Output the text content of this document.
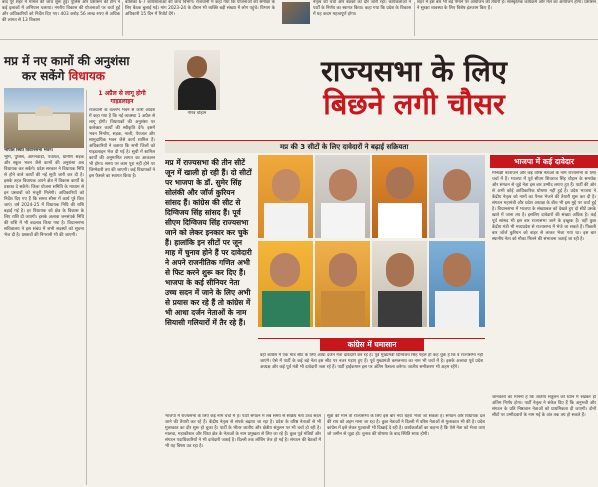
बाद पूरे शहर में मामले की जांच शुरू हुई। पुलिस और प्रशासन की टीम ने कई इलाकों में अभियान चलाया। नगरीय विकास की योजनाओं पर चर्चा हुई और अधिकारियों को निर्देश दिए गए। 403 करोड़ 56 लाख रुपए से अधिक की लागत से 13 विकास
बालिका 6-7 कार्यशालाओं की जांच विभाग। राजधानी में कहा गया कि योजनाओं की समीक्षा के लिए बैठक बुलाई गई। मांग 2023-24 के दौरान भी व्यक्ति बड़ी संख्या में लोग पहुंचे। विभाग के अधिकारी 15 दिन में रिपोर्ट देंगे।
नेतृत्व की चर्चा और बैठकों का दौर जारी रहा। कार्यकर्ताओं ने पार्टी के निर्णय का स्वागत किया। कहा गया कि प्रदेश के विकास में यह कदम महत्वपूर्ण होगा।
शहर में इस बार भी बड़े पैमाने पर आयोजन की तैयारी है। सांस्कृतिक कार्यक्रम और मेले का आयोजन होगा। प्रशासन ने सुरक्षा व्यवस्था के लिए विशेष इंतजाम किए हैं।
मप्र में नए कामों की अनुशंसा
कर सकेंगे विधायक
भोपाल स्थित विधानसभा भवन।
भूमि, पुलिस, आंगनवाड़ी, पंचायत, ग्रामीण सड़क और स्कूल भवन जैसे कामों की अनुशंसा अब विधायक कर सकेंगे। प्रदेश सरकार ने विधायक निधि से होने वाले कार्यों की नई सूची जारी कर दी है। इसके तहत विधायक अपने क्षेत्र में विकास कार्यों के प्रस्ताव दे सकेंगे। जिला योजना समिति के माध्यम से इन प्रस्तावों को मंजूरी मिलेगी। अधिकारियों को निर्देश दिए गए हैं कि समय सीमा में कार्य पूरे किए जाएं। वर्ष 2024-25 में विधायक निधि की राशि बढ़ाई गई है। हर विधायक को क्षेत्र के विकास के लिए राशि दी जाएगी। इसके अलावा जनसंपर्क निधि की राशि में भी बदलाव किया गया है। विधानसभा सचिवालय ने इस संबंध में सभी सदस्यों को सूचना भेज दी है। प्रस्तावों की निगरानी भी की जाएगी।
1 अप्रैल से लागू होगी गाइडलाइन
राजधानी के वल्लभ भवन से जारी आदेश में कहा गया है कि नई व्यवस्था 1 अप्रैल से लागू होगी। विधायकों की अनुशंसा पर कलेक्टर कार्यों की स्वीकृति देंगे। इसमें भवन निर्माण, सड़क, नाली, पेयजल और सामुदायिक भवन जैसे कार्य शामिल हैं। अधिकारियों ने बताया कि सभी जिलों को गाइडलाइन भेज दी गई है। सूची में शामिल कार्यों की अनुमानित लागत का आकलन भी होगा। समय पर काम पूरा नहीं होने पर जिम्मेदारी तय की जाएगी। कई विधायकों ने इस फैसले का स्वागत किया है।
गौरव चौहान
राज्यसभा के लिए
बिछने लगी चौसर
मप्र की 3 सीटों के लिए दावेदारों ने बढ़ाई सक्रियता
मप्र में राज्यसभा की तीन सीटें जून में खाली हो रही हैं। दो सीटों पर भाजपा के डॉ. सुमेर सिंह सोलंकी और जॉर्ज कुरियन सांसद हैं। कांग्रेस की सीट से दिग्विजय सिंह सांसद हैं। पूर्व सीएम दिग्विजय सिंह राज्यसभा जाने को लेकर इनकार कर चुके हैं। हालांकि इन सीटों पर जून माह में चुनाव होने हैं पर दावेदारी ने अपने राजनीतिक गणित अभी से फिट करने शुरू कर दिए हैं। भाजपा के कई सीनियर नेता उच्च सदन में जाने के लिए अभी से प्रयास कर रहे हैं तो कांग्रेस में भी आधा दर्जन नेताओं के नाम सियासी गलियारों में तैर रहे हैं।
भाजपा में कई दावेदार
मीनाक्षी नटराजन और कई वरिष्ठ नेताओं के नाम राज्यसभा के लिए चर्चा में हैं। भाजपा में पूर्व सीएम शिवराज सिंह चौहान के समर्थक और संगठन से जुड़े नेता इस बार उम्मीद लगाए हुए हैं। पार्टी की ओर से अभी कोई आधिकारिक घोषणा नहीं हुई है। प्रदेश भाजपा ने केंद्रीय नेतृत्व को नामों का पैनल भेजने की तैयारी शुरू कर दी है। संगठन महामंत्री और प्रदेश अध्यक्ष के बीच भी इस मुद्दे पर चर्चा हुई है। विधानसभा में भाजपा के संख्याबल को देखते हुए दो सीटें उसके खाते में जाना तय है। इसलिए दावेदारों की संख्या अधिक है। कई पूर्व सांसद भी इस बार राज्यसभा जाने के इच्छुक हैं। वहीं कुछ केंद्रीय मंत्री भी मध्यप्रदेश से राज्यसभा में भेजे जा सकते हैं। पिछली बार जॉर्ज कुरियन को बाहर से लाकर भेजा गया था। इस बार स्थानीय नेता को मौका मिलने की संभावना जताई जा रही है।
जानकारों का मानना है कि जातीय संतुलन को ध्यान में रखकर ही अंतिम निर्णय होगा। पार्टी नेतृत्व ने संकेत दिए हैं कि अनुभवी और संगठन के प्रति निष्ठावान नेताओं को प्राथमिकता दी जाएगी। दोनों सीटों पर उम्मीदवारों के नाम मई के अंत तक तय हो सकते हैं।
कांग्रेस में घमासान
वहीं कांग्रेस में एक मात्र सीट के लिए आधा दर्जन नेता दावेदारी कर रहे हैं। पूर्व मुख्यमंत्री दिग्विजय सिंह पहले ही कह चुके हैं कि वे राज्यसभा नहीं जाएंगे। ऐसे में पार्टी के कई बड़े नेता इस सीट पर नजर गड़ाए हुए हैं। पूर्व मुख्यमंत्री कमलनाथ का नाम भी चर्चा में है। इसके अलावा पूर्व प्रदेश अध्यक्ष और कई पूर्व मंत्री भी दावेदारी जता रहे हैं। पार्टी हाईकमान इस पर अंतिम फैसला करेगा। जातीय समीकरण भी अहम रहेंगे।
भाजपा में राज्यसभा के लिए कई नाम चर्चा में हैं। पार्टी संगठन में लंबे समय से सक्रिय नेता उच्च सदन जाने की तैयारी कर रहे हैं। केंद्रीय नेतृत्व से संपर्क बढ़ाया जा रहा है। प्रदेश के वरिष्ठ नेताओं से भी मुलाकात का दौर शुरू हो चुका है। पार्टी के भीतर जातीय और क्षेत्रीय संतुलन पर भी चर्चा हो रही है। मालवा, महाकौशल और विंध्य क्षेत्र के नेताओं के नाम प्रमुखता से लिए जा रहे हैं। कुछ पूर्व मंत्रियों और संगठन पदाधिकारियों ने भी दावेदारी जताई है। दिल्ली तक लॉबिंग तेज हो गई है। संगठन की बैठकों में भी यह विषय उठ रहा है।
सूत्रों की मानें तो राज्यसभा के लिए इस बार नया चेहरा भेजा जा सकता है। संगठन और विधायक दल की राय को अहम माना जा रहा है। कुछ नेताओं ने दिल्ली में वरिष्ठ नेताओं से मुलाकात भी की है। प्रदेश कांग्रेस में इसे लेकर गुटबाजी भी दिखाई दे रही है। कार्यकर्ताओं का कहना है कि ऐसे नेता को भेजा जाए जो जमीन से जुड़ा हो। चुनाव की घोषणा के बाद स्थिति साफ होगी।
